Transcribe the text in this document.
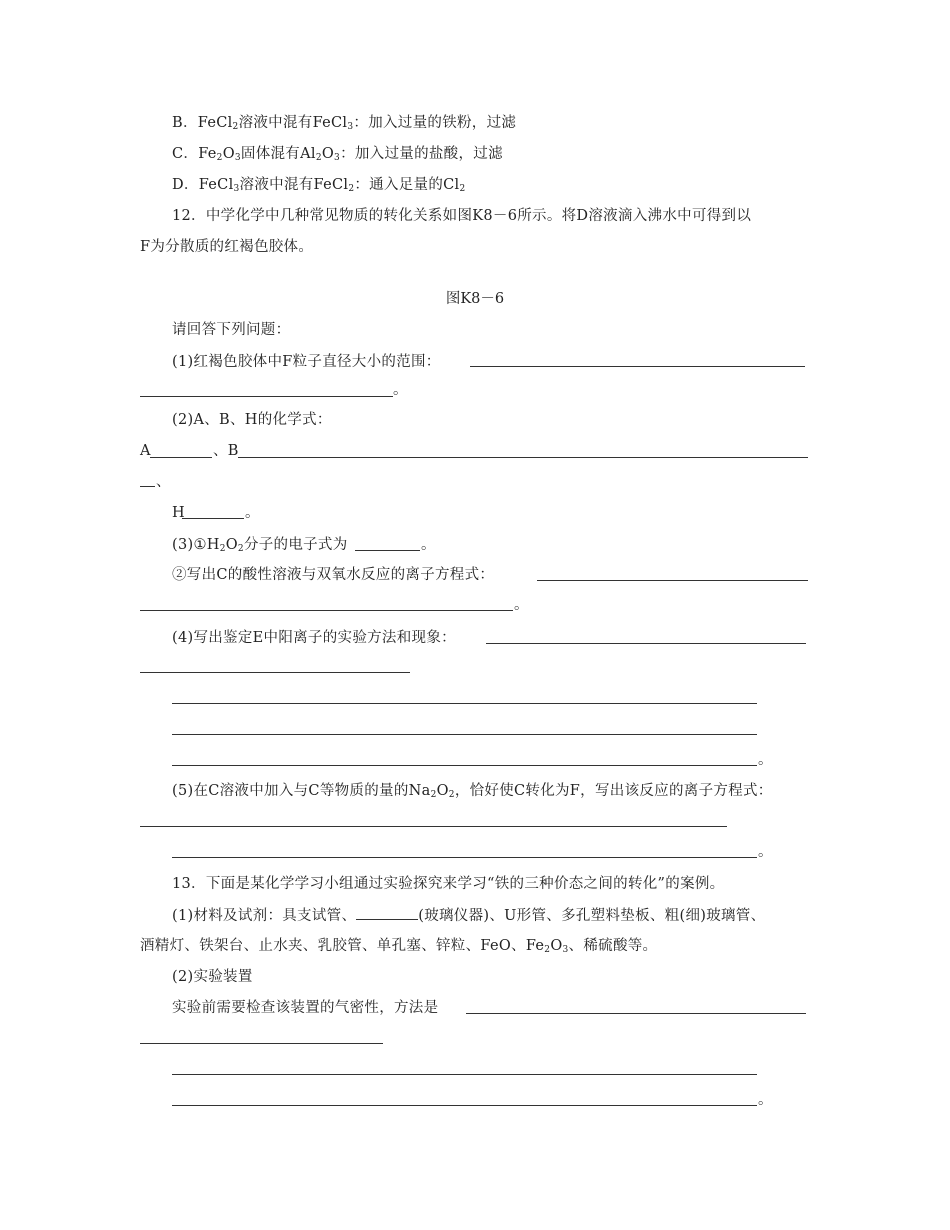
B．FeCl$_2$溶液中混有FeCl$_3$：加入过量的铁粉，过滤
C．$Fe_2O_3$固体混有$Al_2O_3$：加入过量的盐酸，过滤
D．FeCl$_3$溶液中混有FeCl$_2$：通入足量的$Cl_2$
12．中学化学中几种常见物质的转化关系如图K8－6所示。将D溶液滴入沸水中可得到以
F为分散质的红褐色胶体。
图K8－6
请回答下列问题：
(1)红褐色胶体中F粒子直径大小的范围：
。
(2)A、B、H的化学式：
A	、B
、
H	。
$(3)①H_2O_2$分子的电子式为	。
②写出C的酸性溶液与双氧水反应的离子方程式：
。
(4)写出鉴定E中阳离子的实验方法和现象：
。
(5)在C溶液中加入与C等物质的量的$Na_2O_2$，恰好使C转化为F，写出该反应的离子方程式：
。
13．下面是某化学学习小组通过实验探究来学习“铁的三种价态之间的转化”的案例。
(1)材料及试剂：具支试管、	(玻璃仪器)、U形管、多孔塑料垫板、粗(细)玻璃管、
酒精灯、铁架台、止水夹、乳胶管、单孔塞、锌粒、FeO、$Fe_2O_3$、稀硫酸等。
(2)实验装置
实验前需要检查该装置的气密性，方法是
。
